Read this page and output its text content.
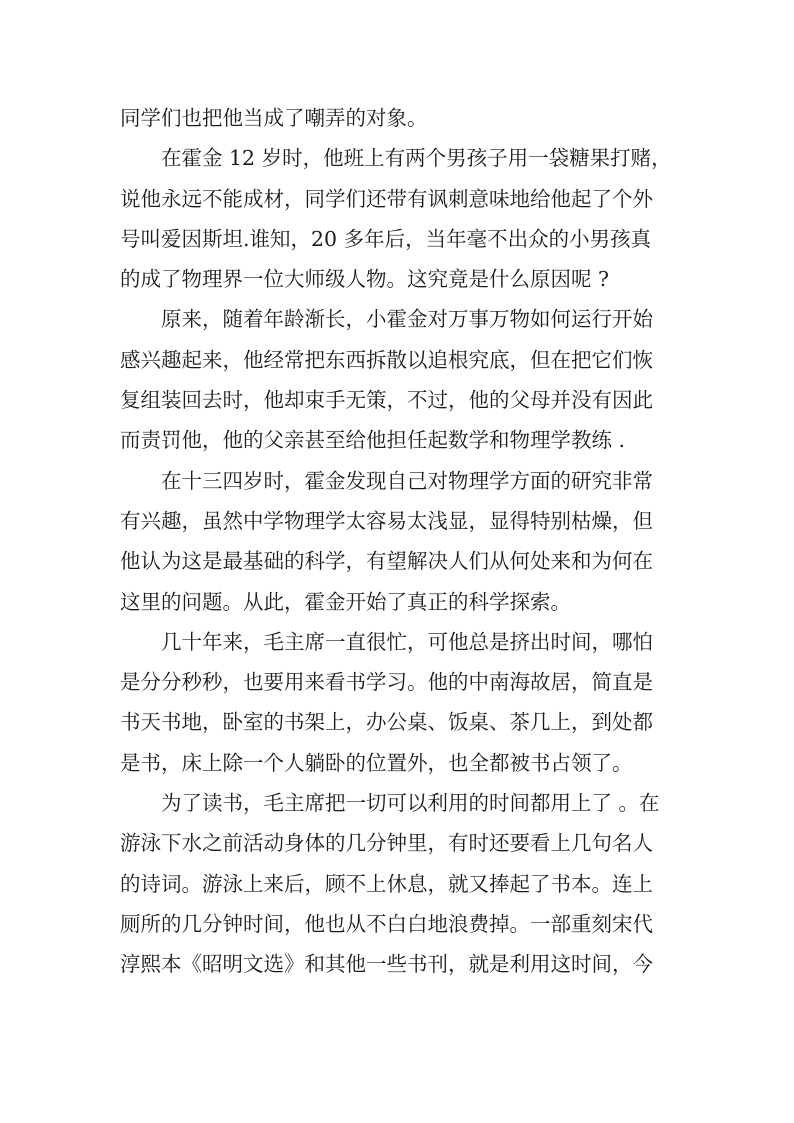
同学们也把他当成了嘲弄的对象。
在霍金 12 岁时，他班上有两个男孩子用一袋糖果打赌，
说他永远不能成材，同学们还带有讽刺意味地给他起了个外
号叫爱因斯坦.谁知，20 多年后，当年毫不出众的小男孩真
的成了物理界一位大师级人物。这究竟是什么原因呢 ?
原来，随着年龄渐长，小霍金对万事万物如何运行开始
感兴趣起来，他经常把东西拆散以追根究底，但在把它们恢
复组装回去时，他却束手无策，不过，他的父母并没有因此
而责罚他，他的父亲甚至给他担任起数学和物理学教练 .
在十三四岁时，霍金发现自己对物理学方面的研究非常
有兴趣，虽然中学物理学太容易太浅显，显得特别枯燥，但
他认为这是最基础的科学，有望解决人们从何处来和为何在
这里的问题。从此，霍金开始了真正的科学探索。
几十年来，毛主席一直很忙，可他总是挤出时间，哪怕
是分分秒秒，也要用来看书学习。他的中南海故居，简直是
书天书地，卧室的书架上，办公桌、饭桌、茶几上，到处都
是书，床上除一个人躺卧的位置外，也全都被书占领了。
为了读书，毛主席把一切可以利用的时间都用上了 。在
游泳下水之前活动身体的几分钟里，有时还要看上几句名人
的诗词。游泳上来后，顾不上休息，就又捧起了书本。连上
厕所的几分钟时间，他也从不白白地浪费掉。一部重刻宋代
淳熙本《昭明文选》和其他一些书刊，就是利用这时间，今
